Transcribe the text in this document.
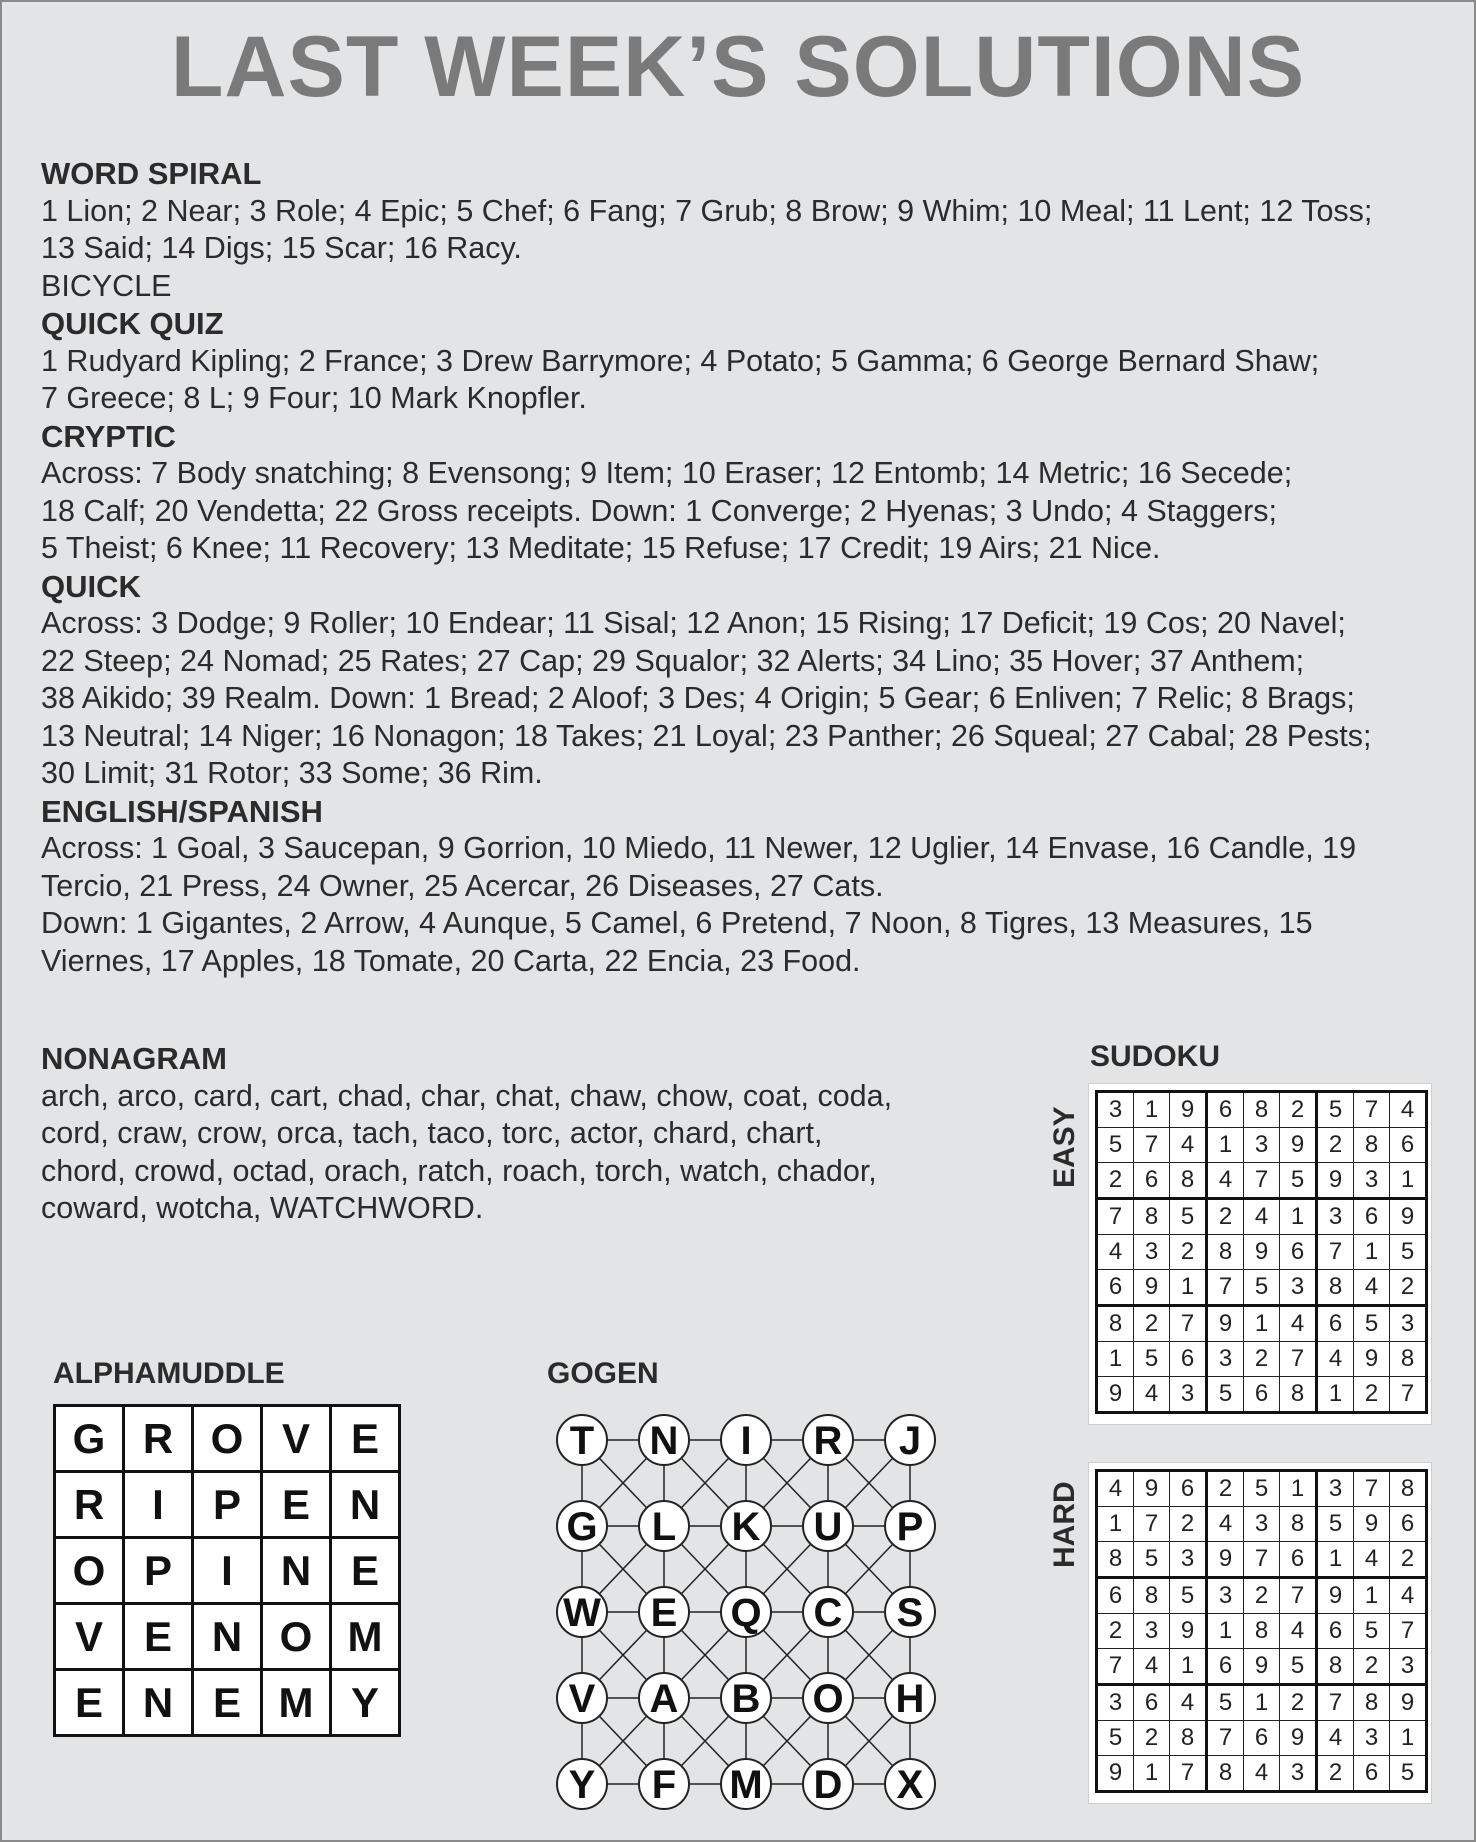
LAST WEEK’S SOLUTIONS
WORD SPIRAL
1 Lion; 2 Near; 3 Role; 4 Epic; 5 Chef; 6 Fang; 7 Grub; 8 Brow; 9 Whim; 10 Meal; 11 Lent; 12 Toss;
13 Said; 14 Digs; 15 Scar; 16 Racy.
BICYCLE
QUICK QUIZ
1 Rudyard Kipling; 2 France; 3 Drew Barrymore; 4 Potato; 5 Gamma; 6 George Bernard Shaw;
7 Greece; 8 L; 9 Four; 10 Mark Knopfler.
CRYPTIC
Across: 7 Body snatching; 8 Evensong; 9 Item; 10 Eraser; 12 Entomb; 14 Metric; 16 Secede;
18 Calf; 20 Vendetta; 22 Gross receipts. Down: 1 Converge; 2 Hyenas; 3 Undo; 4 Staggers;
5 Theist; 6 Knee; 11 Recovery; 13 Meditate; 15 Refuse; 17 Credit; 19 Airs; 21 Nice.
QUICK
Across: 3 Dodge; 9 Roller; 10 Endear; 11 Sisal; 12 Anon; 15 Rising; 17 Deficit; 19 Cos; 20 Navel;
22 Steep; 24 Nomad; 25 Rates; 27 Cap; 29 Squalor; 32 Alerts; 34 Lino; 35 Hover; 37 Anthem;
38 Aikido; 39 Realm. Down: 1 Bread; 2 Aloof; 3 Des; 4 Origin; 5 Gear; 6 Enliven; 7 Relic; 8 Brags;
13 Neutral; 14 Niger; 16 Nonagon; 18 Takes; 21 Loyal; 23 Panther; 26 Squeal; 27 Cabal; 28 Pests;
30 Limit; 31 Rotor; 33 Some; 36 Rim.
ENGLISH/SPANISH
Across: 1 Goal, 3 Saucepan, 9 Gorrion, 10 Miedo, 11 Newer, 12 Uglier, 14 Envase, 16 Candle, 19
Tercio, 21 Press, 24 Owner, 25 Acercar, 26 Diseases, 27 Cats.
Down: 1 Gigantes, 2 Arrow, 4 Aunque, 5 Camel, 6 Pretend, 7 Noon, 8 Tigres, 13 Measures, 15
Viernes, 17 Apples, 18 Tomate, 20 Carta, 22 Encia, 23 Food.
NONAGRAM
arch, arco, card, cart, chad, char, chat, chaw, chow, coat, coda,
cord, craw, crow, orca, tach, taco, torc, actor, chard, chart,
chord, crowd, octad, orach, ratch, roach, torch, watch, chador,
coward, wotcha, WATCHWORD.
SUDOKU
EASY 3	1	9	6	8	2	5	7	4
5	7	4	1	3	9	2	8	6
2	6	8	4	7	5	9	3	1
7	8	5	2	4	1	3	6	9
4	3	2	8	9	6	7	1	5
6	9	1	7	5	3	8	4	2
8	2	7	9	1	4	6	5	3
1	5	6	3	2	7	4	9	8
9	4	3	5	6	8	1	2	7
HARD 4	9	6	2	5	1	3	7	8
1	7	2	4	3	8	5	9	6
8	5	3	9	7	6	1	4	2
6	8	5	3	2	7	9	1	4
2	3	9	1	8	4	6	5	7
7	4	1	6	9	5	8	2	3
3	6	4	5	1	2	7	8	9
5	2	8	7	6	9	4	3	1
9	1	7	8	4	3	2	6	5
ALPHAMUDDLE
G	R	O	V	E
R	I	P	E	N
O	P	I	N	E
V	E	N	O	M
E	N	E	M	Y
GOGEN
T N I R J
G L K U P
W E Q C S
V A B O H
Y F M D X
